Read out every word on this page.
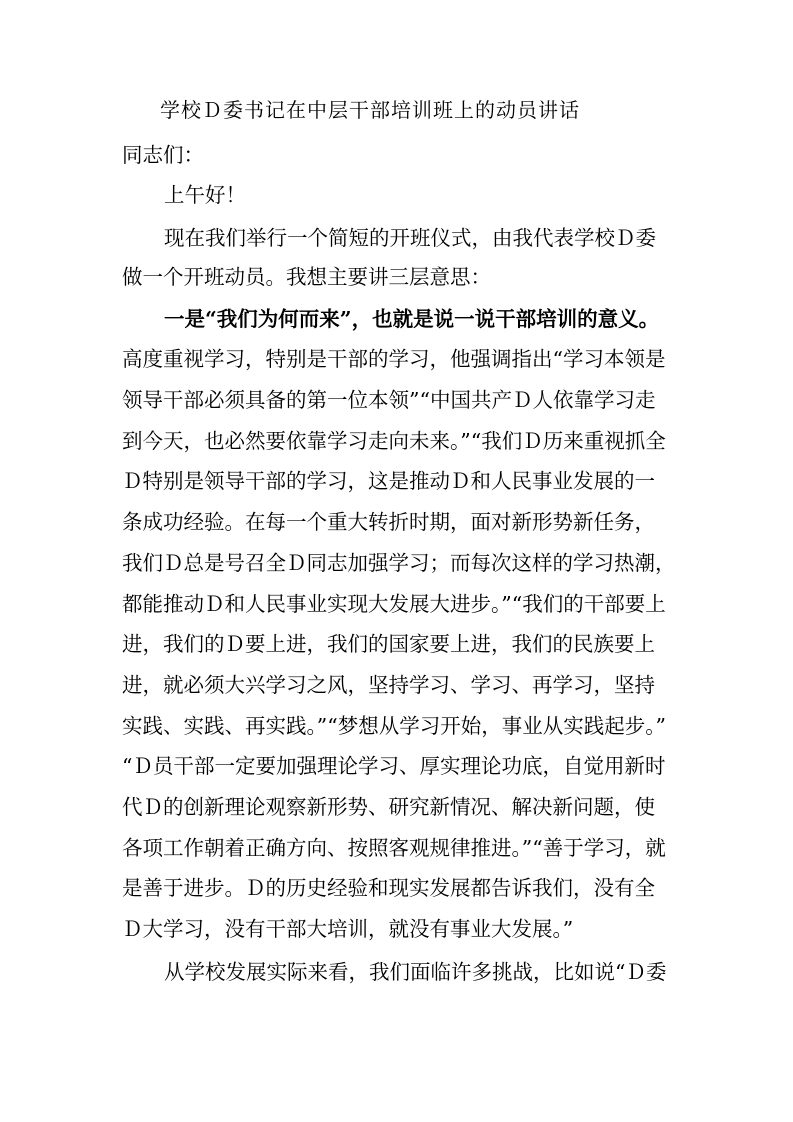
学校Ｄ委书记在中层干部培训班上的动员讲话
同志们：
上午好！
现在我们举行一个简短的开班仪式，由我代表学校Ｄ委
做一个开班动员。我想主要讲三层意思：
一是“我们为何而来”，也就是说一说干部培训的意义。
高度重视学习，特别是干部的学习，他强调指出“学习本领是
领导干部必须具备的第一位本领”“中国共产Ｄ人依靠学习走
到今天，也必然要依靠学习走向未来。”“我们Ｄ历来重视抓全
Ｄ特别是领导干部的学习，这是推动Ｄ和人民事业发展的一
条成功经验。在每一个重大转折时期，面对新形势新任务，
我们Ｄ总是号召全Ｄ同志加强学习；而每次这样的学习热潮，
都能推动Ｄ和人民事业实现大发展大进步。”“我们的干部要上
进，我们的Ｄ要上进，我们的国家要上进，我们的民族要上
进，就必须大兴学习之风，坚持学习、学习、再学习，坚持
实践、实践、再实践。”“梦想从学习开始，事业从实践起步。”
“Ｄ员干部一定要加强理论学习、厚实理论功底，自觉用新时
代Ｄ的创新理论观察新形势、研究新情况、解决新问题，使
各项工作朝着正确方向、按照客观规律推进。”“善于学习，就
是善于进步。Ｄ的历史经验和现实发展都告诉我们，没有全
Ｄ大学习，没有干部大培训，就没有事业大发展。”
从学校发展实际来看，我们面临许多挑战，比如说“Ｄ委
